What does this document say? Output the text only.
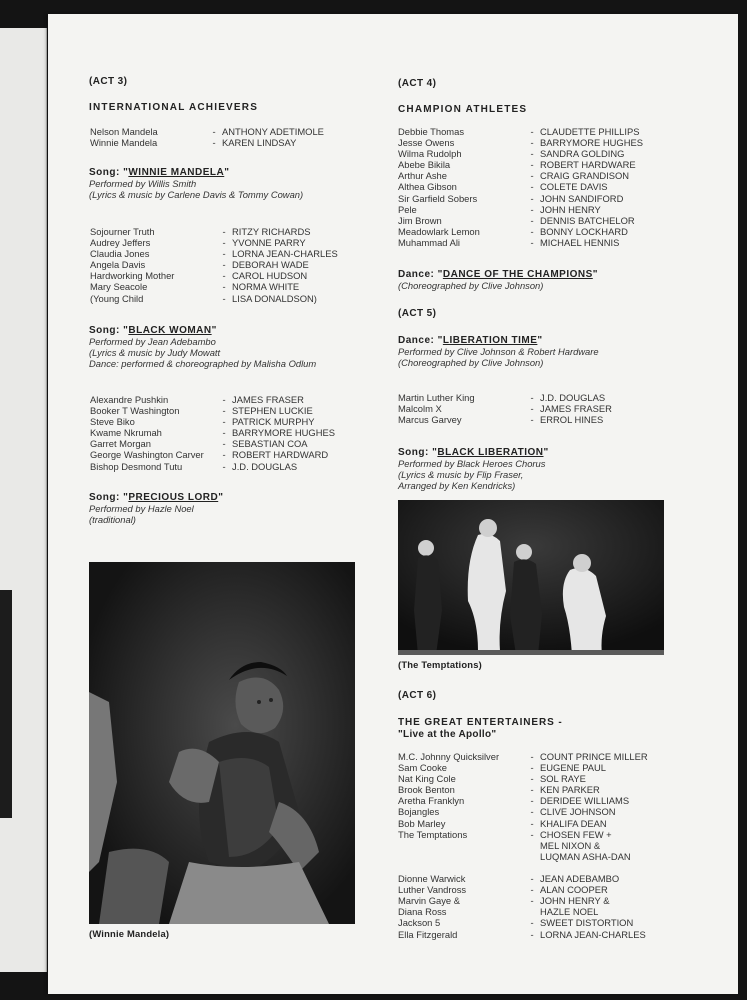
(ACT 3)
INTERNATIONAL ACHIEVERS
Nelson Mandela	-	ANTHONY ADETIMOLE
Winnie Mandela	-	KAREN LINDSAY
Song: "WINNIE MANDELA"
Performed by Willis Smith
(Lyrics & music by Carlene Davis & Tommy Cowan)
Sojourner Truth	-	RITZY RICHARDS
Audrey Jeffers	-	YVONNE PARRY
Claudia Jones	-	LORNA JEAN-CHARLES
Angela Davis	-	DEBORAH WADE
Hardworking Mother	-	CAROL HUDSON
Mary Seacole	-	NORMA WHITE
(Young Child	-	LISA DONALDSON)
Song: "BLACK WOMAN"
Performed by Jean Adebambo
(Lyrics & music by Judy Mowatt
Dance: performed & choreographed by Malisha Odlum
Alexandre Pushkin	-	JAMES FRASER
Booker T Washington	-	STEPHEN LUCKIE
Steve Biko	-	PATRICK MURPHY
Kwame Nkrumah	-	BARRYMORE HUGHES
Garret Morgan	-	SEBASTIAN COA
George Washington Carver	-	ROBERT HARDWARD
Bishop Desmond Tutu	-	J.D. DOUGLAS
Song: "PRECIOUS LORD"
Performed by Hazle Noel
(traditional)
(Winnie Mandela)
(ACT 4)
CHAMPION ATHLETES
Debbie Thomas	-	CLAUDETTE PHILLIPS
Jesse Owens	-	BARRYMORE HUGHES
Wilma Rudolph	-	SANDRA GOLDING
Abebe Bikila	-	ROBERT HARDWARE
Arthur Ashe	-	CRAIG GRANDISON
Althea Gibson	-	COLETE DAVIS
Sir Garfield Sobers	-	JOHN SANDIFORD
Pele	-	JOHN HENRY
Jim Brown	-	DENNIS BATCHELOR
Meadowlark Lemon	-	BONNY LOCKHARD
Muhammad Ali	-	MICHAEL HENNIS
Dance: "DANCE OF THE CHAMPIONS"
(Choreographed by Clive Johnson)
(ACT 5)
Dance: "LIBERATION TIME"
Performed by Clive Johnson & Robert Hardware
(Choreographed by Clive Johnson)
Martin Luther King	-	J.D. DOUGLAS
Malcolm X	-	JAMES FRASER
Marcus Garvey	-	ERROL HINES
Song: "BLACK LIBERATION"
Performed by Black Heroes Chorus
(Lyrics & music by Flip Fraser,
Arranged by Ken Kendricks)
(The Temptations)
(ACT 6)
THE GREAT ENTERTAINERS -
"Live at the Apollo"
M.C. Johnny Quicksilver	-	COUNT PRINCE MILLER
Sam Cooke	-	EUGENE PAUL
Nat King Cole	-	SOL RAYE
Brook Benton	-	KEN PARKER
Aretha Franklyn	-	DERIDEE WILLIAMS
Bojangles	-	CLIVE JOHNSON
Bob Marley	-	KHALIFA DEAN
The Temptations	-	CHOSEN FEW +
		MEL NIXON &
		LUQMAN ASHA-DAN

Dionne Warwick	-	JEAN ADEBAMBO
Luther Vandross	-	ALAN COOPER
Marvin Gaye &	-	JOHN HENRY &
Diana Ross		HAZLE NOEL
Jackson 5	-	SWEET DISTORTION
Ella Fitzgerald	-	LORNA JEAN-CHARLES
